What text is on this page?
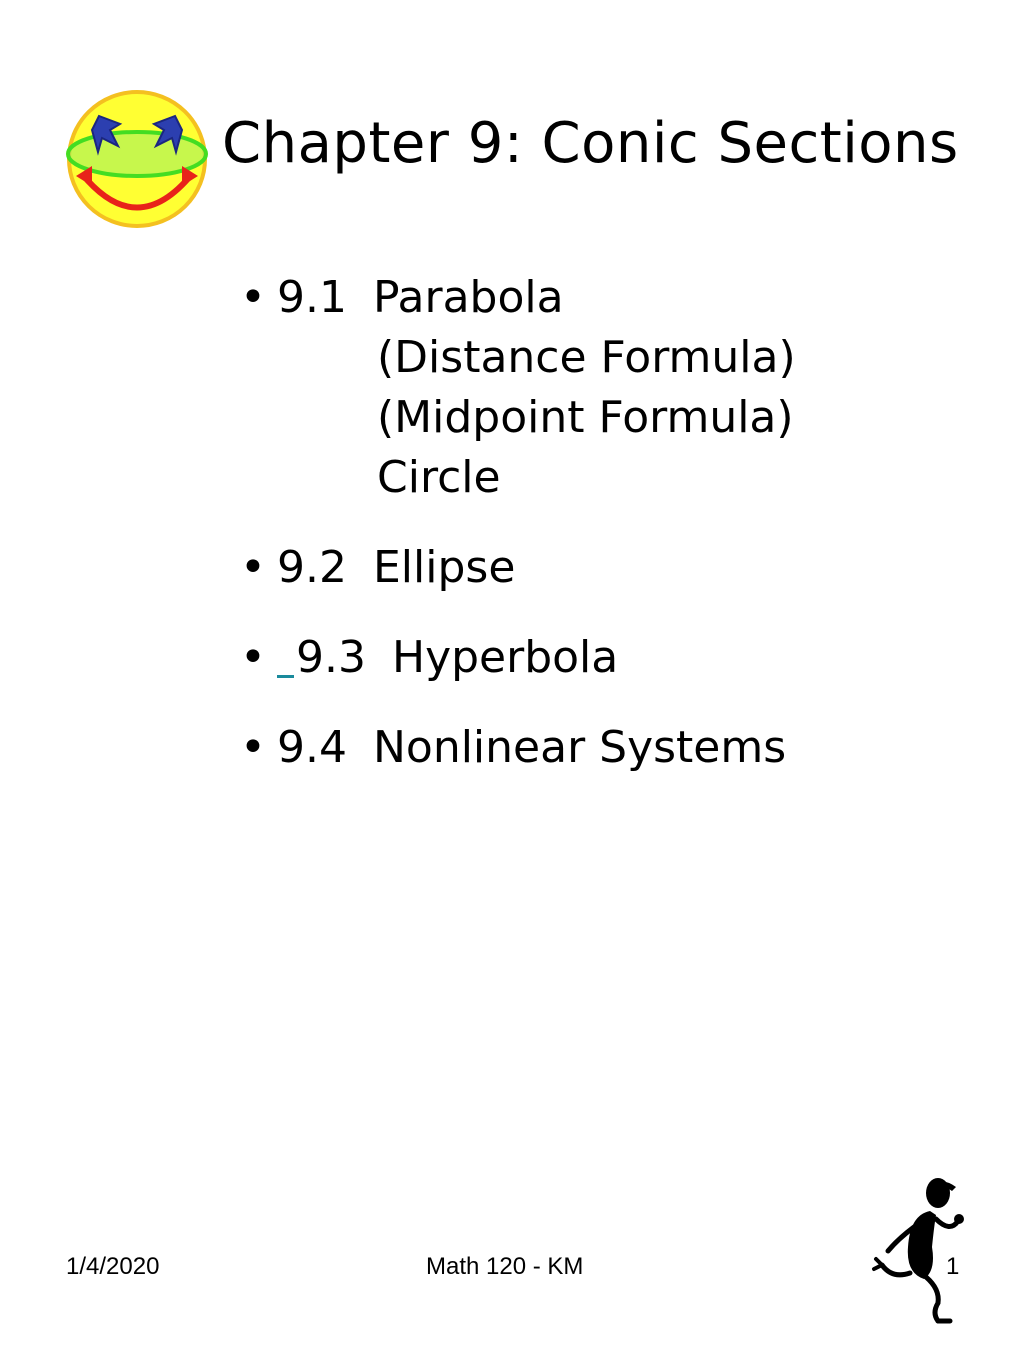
Chapter 9: Conic Sections
• 9.1 Parabola
(Distance Formula)
(Midpoint Formula)
Circle
• 9.2 Ellipse
• 9.3 Hyperbola
• 9.4 Nonlinear Systems
1/4/2020	Math 120 - KM	1
